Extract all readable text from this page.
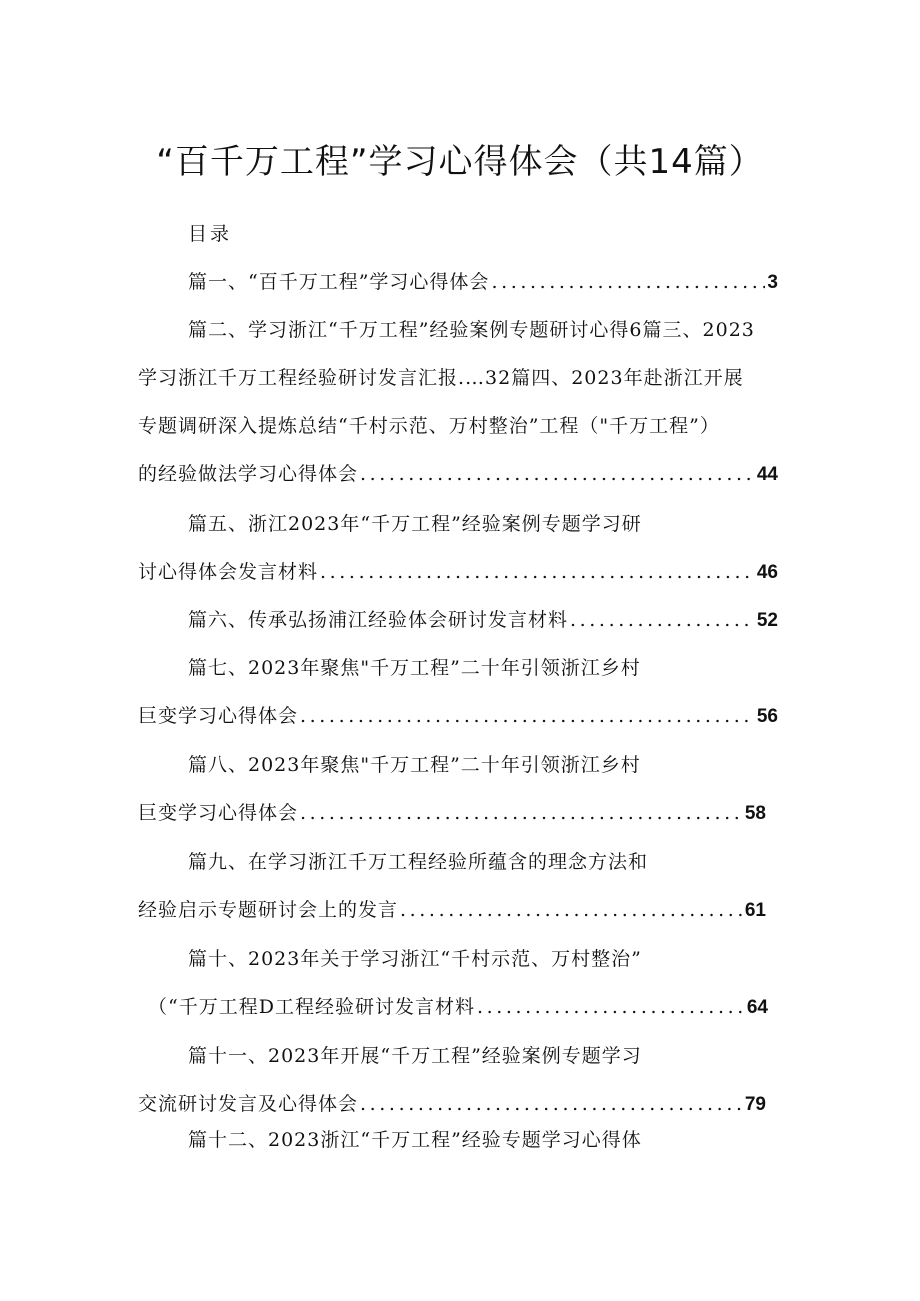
“百千万工程”学习心得体会（共14篇）
目录
篇一、“百千万工程”学习心得体会 .....	3
篇二、学习浙江“千万工程”经验案例专题研讨心得6篇三、2023
学习浙江千万工程经验研讨发言汇报.…32篇四、2023年赴浙江开展
专题调研深入提炼总结“千村示范、万村整治”工程（"千万工程”）
的经验做法学习心得体会 .....	44
篇五、浙江2023年“千万工程”经验案例专题学习研
讨心得体会发言材料 .....	46
篇六、传承弘扬浦江经验体会研讨发言材料 .....	52
篇七、2023年聚焦"千万工程”二十年引领浙江乡村
巨变学习心得体会 .....	56
篇八、2023年聚焦"千万工程”二十年引领浙江乡村
巨变学习心得体会 .....	58
篇九、在学习浙江千万工程经验所蕴含的理念方法和
经验启示专题研讨会上的发言 .....	61
篇十、2023年关于学习浙江“千村示范、万村整治”
（“千万工程D工程经验研讨发言材料 .....	64
篇十一、2023年开展“千万工程”经验案例专题学习
交流研讨发言及心得体会 .....	79
篇十二、2023浙江“千万工程”经验专题学习心得体
